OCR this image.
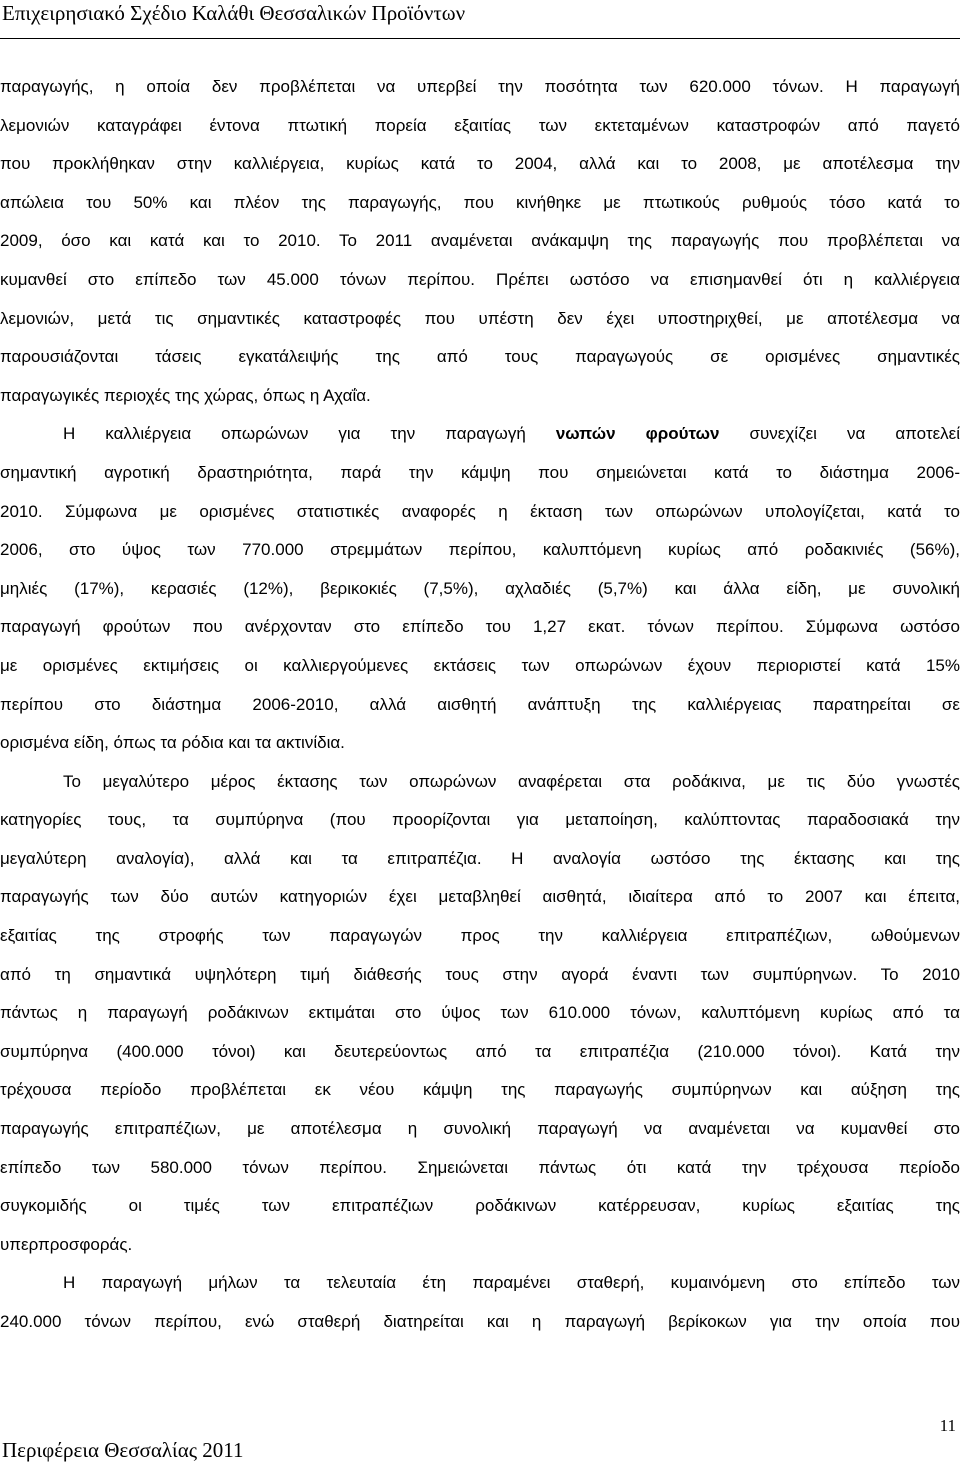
Επιχειρησιακό Σχέδιο Καλάθι Θεσσαλικών Προϊόντων
παραγωγής, η οποία δεν προβλέπεται να υπερβεί την ποσότητα των 620.000 τόνων. Η παραγωγή
λεμονιών καταγράφει έντονα πτωτική πορεία εξαιτίας των εκτεταμένων καταστροφών από παγετό
που προκλήθηκαν στην καλλιέργεια, κυρίως κατά το 2004, αλλά και το 2008, με αποτέλεσμα την
απώλεια του 50% και πλέον της παραγωγής, που κινήθηκε με πτωτικούς ρυθμούς τόσο κατά το
2009, όσο και κατά και το 2010. Το 2011 αναμένεται ανάκαμψη της παραγωγής που προβλέπεται να
κυμανθεί στο επίπεδο των 45.000 τόνων περίπου. Πρέπει ωστόσο να επισημανθεί ότι η καλλιέργεια
λεμονιών, μετά τις σημαντικές καταστροφές που υπέστη δεν έχει υποστηριχθεί, με αποτέλεσμα να
παρουσιάζονται τάσεις εγκατάλειψής της από τους παραγωγούς σε ορισμένες σημαντικές
παραγωγικές περιοχές της χώρας, όπως η Αχαΐα.
Η καλλιέργεια οπωρώνων για την παραγωγή νωπών φρούτων συνεχίζει να αποτελεί
σημαντική αγροτική δραστηριότητα, παρά την κάμψη που σημειώνεται κατά το διάστημα 2006-
2010. Σύμφωνα με ορισμένες στατιστικές αναφορές η έκταση των οπωρώνων υπολογίζεται, κατά το
2006, στο ύψος των 770.000 στρεμμάτων περίπου, καλυπτόμενη κυρίως από ροδακινιές (56%),
μηλιές (17%), κερασιές (12%), βερικοκιές (7,5%), αχλαδιές (5,7%) και άλλα είδη, με συνολική
παραγωγή φρούτων που ανέρχονταν στο επίπεδο του 1,27 εκατ. τόνων περίπου. Σύμφωνα ωστόσο
με ορισμένες εκτιμήσεις οι καλλιεργούμενες εκτάσεις των οπωρώνων έχουν περιοριστεί κατά 15%
περίπου στο διάστημα 2006-2010, αλλά αισθητή ανάπτυξη της καλλιέργειας παρατηρείται σε
ορισμένα είδη, όπως τα ρόδια και τα ακτινίδια.
Το μεγαλύτερο μέρος έκτασης των οπωρώνων αναφέρεται στα ροδάκινα, με τις δύο γνωστές
κατηγορίες τους, τα συμπύρηνα (που προορίζονται για μεταποίηση, καλύπτοντας παραδοσιακά την
μεγαλύτερη αναλογία), αλλά και τα επιτραπέζια. Η αναλογία ωστόσο της έκτασης και της
παραγωγής των δύο αυτών κατηγοριών έχει μεταβληθεί αισθητά, ιδιαίτερα από το 2007 και έπειτα,
εξαιτίας της στροφής των παραγωγών προς την καλλιέργεια επιτραπέζιων, ωθούμενων
από τη σημαντικά υψηλότερη τιμή διάθεσής τους στην αγορά έναντι των συμπύρηνων. Το 2010
πάντως η παραγωγή ροδάκινων εκτιμάται στο ύψος των 610.000 τόνων, καλυπτόμενη κυρίως από τα
συμπύρηνα (400.000 τόνοι) και δευτερεύοντως από τα επιτραπέζια (210.000 τόνοι). Κατά την
τρέχουσα περίοδο προβλέπεται εκ νέου κάμψη της παραγωγής συμπύρηνων και αύξηση της
παραγωγής επιτραπέζιων, με αποτέλεσμα η συνολική παραγωγή να αναμένεται να κυμανθεί στο
επίπεδο των 580.000 τόνων περίπου. Σημειώνεται πάντως ότι κατά την τρέχουσα περίοδο
συγκομιδής οι τιμές των επιτραπέζιων ροδάκινων κατέρρευσαν, κυρίως εξαιτίας της
υπερπροσφοράς.
Η παραγωγή μήλων τα τελευταία έτη παραμένει σταθερή, κυμαινόμενη στο επίπεδο των
240.000 τόνων περίπου, ενώ σταθερή διατηρείται και η παραγωγή βερίκοκων για την οποία που
11
Περιφέρεια Θεσσαλίας 2011
